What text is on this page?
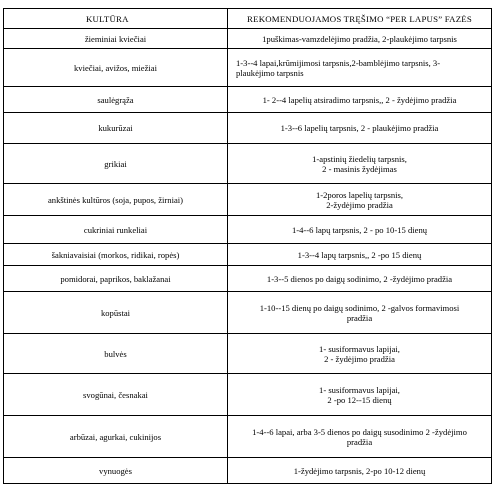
KULTŪRA	REKOMENDUOJAMOS TRĘŠIMO “PER LAPUS” FAZĖS
žieminiai kviečiai	1puškimas-vamzdelėjimo pradžia, 2-plaukėjimo tarpsnis

kviečiai, avižos, miežiai	1-3--4 lapai,krūmijimosi tarpsnis,2-bamblėjimo tarpsnis, 3-
plaukėjimo tarpsnis

saulėgrąža	1- 2--4 lapelių atsiradimo tarpsnis,, 2 - žydėjimo pradžia

kukurūzai	1-3--6 lapelių tarpsnis, 2 - plaukėjimo pradžia

grikiai	1-apstinių žiedelių tarpsnis,
2 - masinis žydėjimas

ankštinės kultūros (soja, pupos, žirniai)	1-2poros lapelių tarpsnis,
2-žydėjimo pradžia

cukriniai runkeliai	1-4--6 lapų tarpsnis, 2 - po 10-15 dienų

šakniavaisiai (morkos, ridikai, ropės)	1-3--4 lapų tarpsnis,, 2 -po 15 dienų

pomidorai, paprikos, baklažanai	1-3--5 dienos po daigų sodinimo, 2 -žydėjimo pradžia

kopūstai	1-10--15 dienų po daigų sodinimo, 2 -galvos formavimosi
pradžia

bulvės	1- susiformavus lapijai,
2 - žydėjimo pradžia

svogūnai, česnakai	1- susiformavus lapijai,
2 -po 12--15 dienų

arbūzai, agurkai, cukinijos	1-4--6 lapai, arba 3-5 dienos po daigų susodinimo 2 -žydėjimo
pradžia

vynuogės	1-žydėjimo tarpsnis, 2-po 10-12 dienų
